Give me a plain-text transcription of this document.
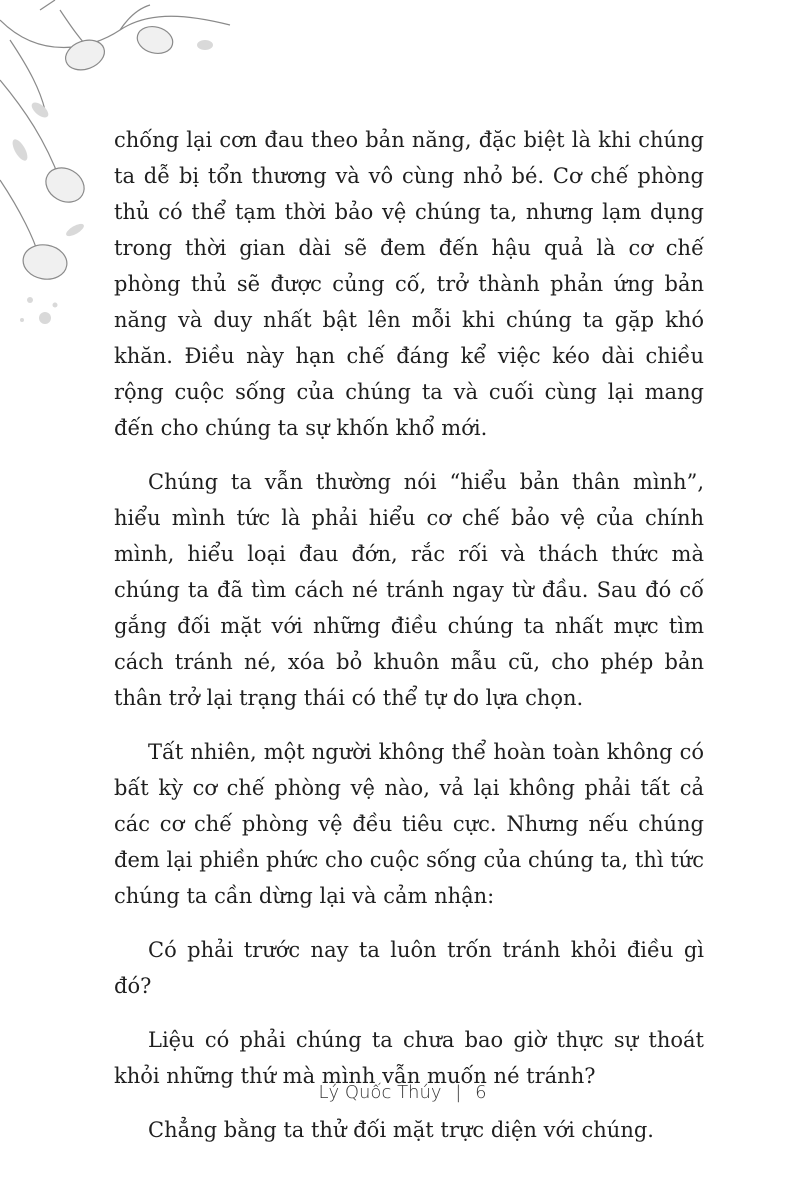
chống lại cơn đau theo bản năng, đặc biệt là khi chúng ta dễ bị tổn thương và vô cùng nhỏ bé. Cơ chế phòng thủ có thể tạm thời bảo vệ chúng ta, nhưng lạm dụng trong thời gian dài sẽ đem đến hậu quả là cơ chế phòng thủ sẽ được củng cố, trở thành phản ứng bản năng và duy nhất bật lên mỗi khi chúng ta gặp khó khăn. Điều này hạn chế đáng kể việc kéo dài chiều rộng cuộc sống của chúng ta và cuối cùng lại mang đến cho chúng ta sự khốn khổ mới.

Chúng ta vẫn thường nói “hiểu bản thân mình”, hiểu mình tức là phải hiểu cơ chế bảo vệ của chính mình, hiểu loại đau đớn, rắc rối và thách thức mà chúng ta đã tìm cách né tránh ngay từ đầu. Sau đó cố gắng đối mặt với những điều chúng ta nhất mực tìm cách tránh né, xóa bỏ khuôn mẫu cũ, cho phép bản thân trở lại trạng thái có thể tự do lựa chọn.

Tất nhiên, một người không thể hoàn toàn không có bất kỳ cơ chế phòng vệ nào, vả lại không phải tất cả các cơ chế phòng vệ đều tiêu cực. Nhưng nếu chúng đem lại phiền phức cho cuộc sống của chúng ta, thì tức chúng ta cần dừng lại và cảm nhận:

Có phải trước nay ta luôn trốn tránh khỏi điều gì đó?

Liệu có phải chúng ta chưa bao giờ thực sự thoát khỏi những thứ mà mình vẫn muốn né tránh?

Chẳng bằng ta thử đối mặt trực diện với chúng.

Lý Quốc Thúy | 6
